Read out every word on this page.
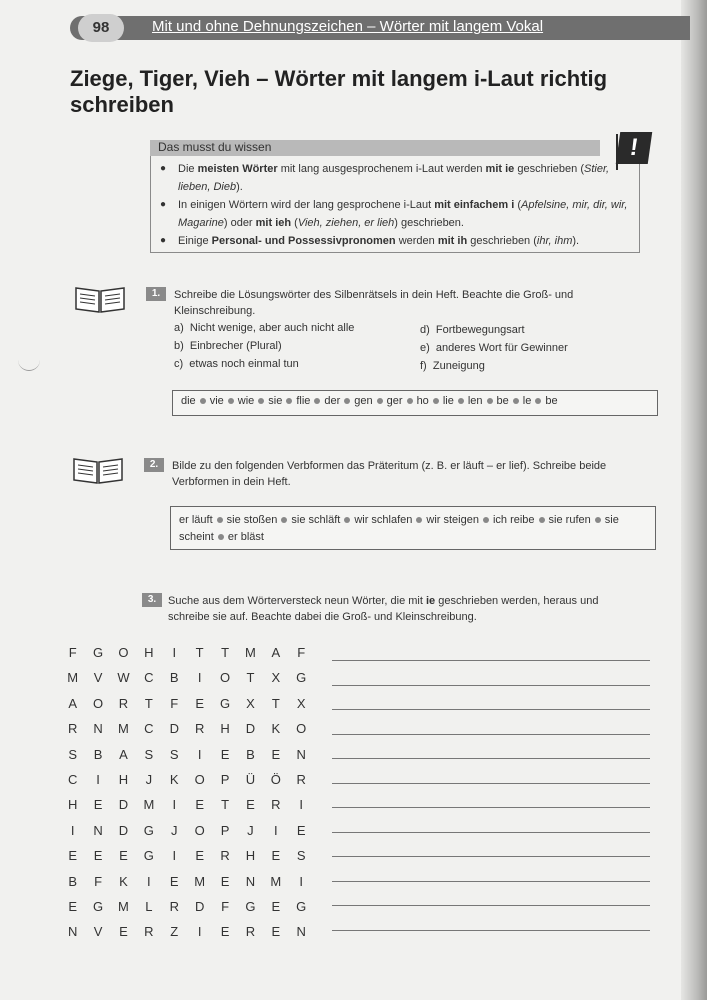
98	Mit und ohne Dehnungszeichen – Wörter mit langem Vokal
Ziege, Tiger, Vieh – Wörter mit langem i-Laut richtig schreiben
Das musst du wissen	!
● Die meisten Wörter mit lang ausgesprochenem i-Laut werden mit ie geschrieben (Stier, lieben, Dieb).
● In einigen Wörtern wird der lang gesprochene i-Laut mit einfachem i (Apfelsine, mir, dir, wir, Magarine) oder mit ieh (Vieh, ziehen, er lieh) geschrieben.
● Einige Personal- und Possessivpronomen werden mit ih geschrieben (ihr, ihm).
1.	Schreibe die Lösungswörter des Silbenrätsels in dein Heft. Beachte die Groß- und Kleinschreibung.
a) Nicht wenige, aber auch nicht alle
b) Einbrecher (Plural)
c) etwas noch einmal tun
d) Fortbewegungsart
e) anderes Wort für Gewinner
f) Zuneigung
die vie wie sie flie der gen ger ho lie len be le be
2.	Bilde zu den folgenden Verbformen das Präteritum (z. B. er läuft – er lief). Schreibe beide Verbformen in dein Heft.
er läuft sie stoßen sie schläft wir schlafen wir steigen ich reibe sie rufen sie scheint er bläst
3.	Suche aus dem Wörterversteck neun Wörter, die mit ie geschrieben werden, heraus und schreibe sie auf. Beachte dabei die Groß- und Kleinschreibung.
F	G	O	H	I	T	T	M	A	F
M	V	W	C	B	I	O	T	X	G
A	O	R	T	F	E	G	X	T	X
R	N	M	C	D	R	H	D	K	O
S	B	A	S	S	I	E	B	E	N
C	I	H	J	K	O	P	Ü	Ö	R
H	E	D	M	I	E	T	E	R	I
I	N	D	G	J	O	P	J	I	E
E	E	E	G	I	E	R	H	E	S
B	F	K	I	E	M	E	N	M	I
E	G	M	L	R	D	F	G	E	G
N	V	E	R	Z	I	E	R	E	N
